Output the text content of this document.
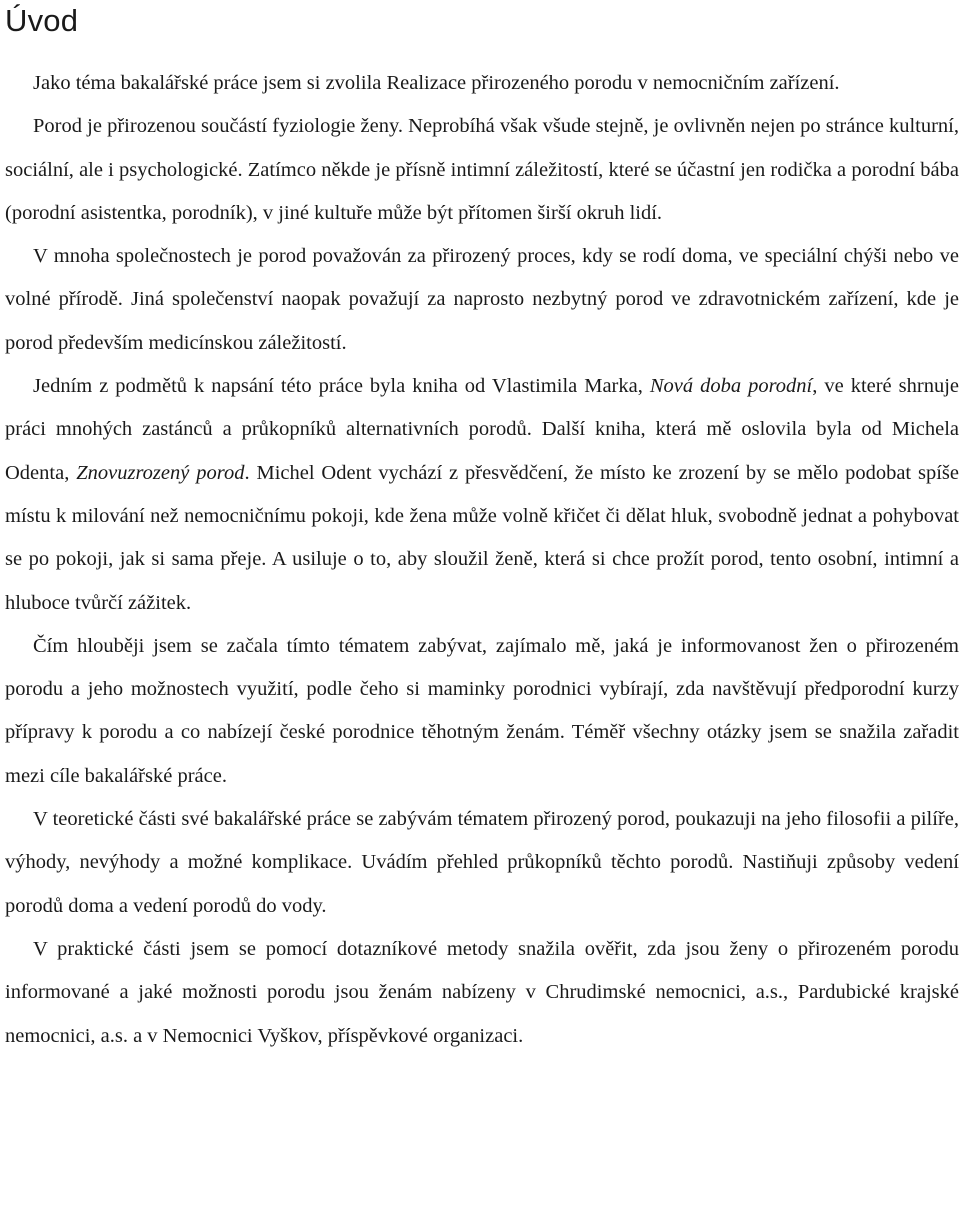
Úvod

Jako téma bakalářské práce jsem si zvolila Realizace přirozeného porodu v nemocničním zařízení.

Porod je přirozenou součástí fyziologie ženy. Neprobíhá však všude stejně, je ovlivněn nejen po stránce kulturní, sociální, ale i psychologické. Zatímco někde je přísně intimní záležitostí, které se účastní jen rodička a porodní bába (porodní asistentka, porodník), v jiné kultuře může být přítomen širší okruh lidí.

V mnoha společnostech je porod považován za přirozený proces, kdy se rodí doma, ve speciální chýši nebo ve volné přírodě. Jiná společenství naopak považují za naprosto nezbytný porod ve zdravotnickém zařízení, kde je porod především medicínskou záležitostí.

Jedním z podmětů k napsání této práce byla kniha od Vlastimila Marka, Nová doba porodní, ve které shrnuje práci mnohých zastánců a průkopníků alternativních porodů. Další kniha, která mě oslovila byla od Michela Odenta, Znovuzrozený porod. Michel Odent vychází z přesvědčení, že místo ke zrození by se mělo podobat spíše místu k milování než nemocničnímu pokoji, kde žena může volně křičet či dělat hluk, svobodně jednat a pohybovat se po pokoji, jak si sama přeje. A usiluje o to, aby sloužil ženě, která si chce prožít porod, tento osobní, intimní a hluboce tvůrčí zážitek.

Čím hlouběji jsem se začala tímto tématem zabývat, zajímalo mě, jaká je informovanost žen o přirozeném porodu a jeho možnostech využití, podle čeho si maminky porodnici vybírají, zda navštěvují předporodní kurzy přípravy k porodu a co nabízejí české porodnice těhotným ženám. Téměř všechny otázky jsem se snažila zařadit mezi cíle bakalářské práce.

V teoretické části své bakalářské práce se zabývám tématem přirozený porod, poukazuji na jeho filosofii a pilíře, výhody, nevýhody a možné komplikace. Uvádím přehled průkopníků těchto porodů. Nastiňuji způsoby vedení porodů doma a vedení porodů do vody.

V praktické části jsem se pomocí dotazníkové metody snažila ověřit, zda jsou ženy o přirozeném porodu informované a jaké možnosti porodu jsou ženám nabízeny v Chrudimské nemocnici, a.s., Pardubické krajské nemocnici, a.s. a v Nemocnici Vyškov, příspěvkové organizaci.
